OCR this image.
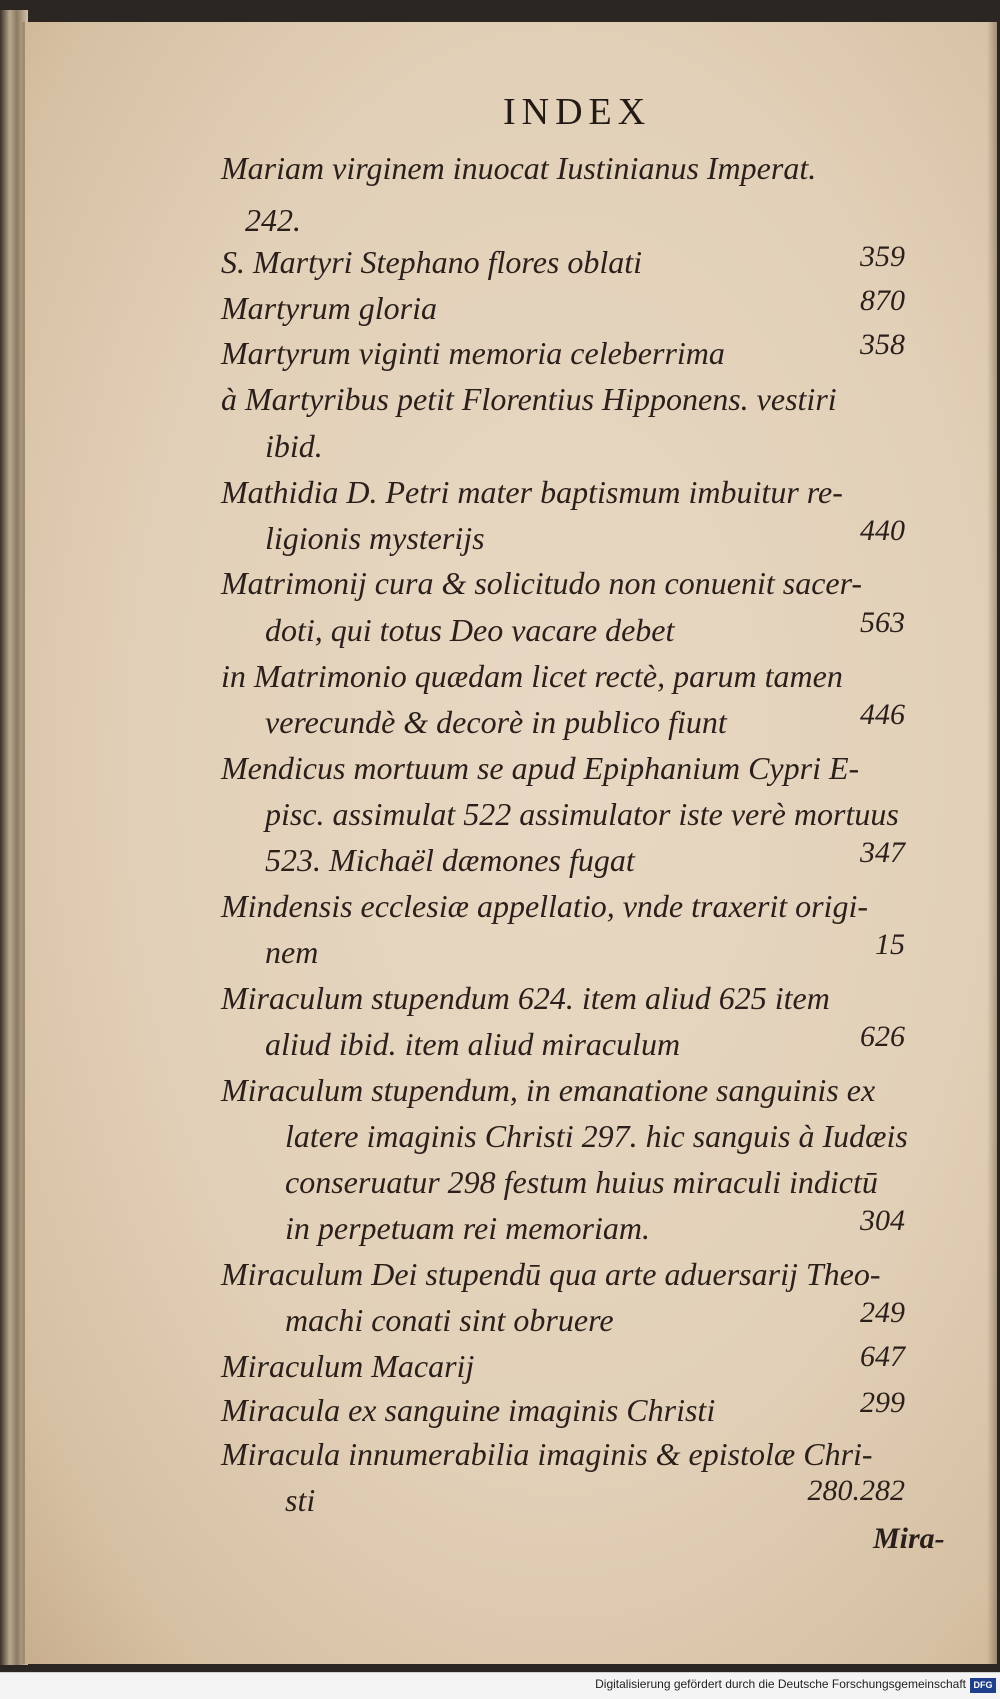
INDEX
Mariam virginem inuocat Iustinianus Imperat.
242.
S. Martyri Stephano flores oblati	359
Martyrum gloria	870
Martyrum viginti memoria celeberrima	358
à Martyribus petit Florentius Hipponens. vestiri
ibid.
Mathidia D. Petri mater baptismum imbuitur re-
ligionis mysterijs	440
Matrimonij cura & solicitudo non conuenit sacer-
doti, qui totus Deo vacare debet	563
in Matrimonio quædam licet rectè, parum tamen
verecundè & decorè in publico fiunt	446
Mendicus mortuum se apud Epiphanium Cypri E-
pisc. assimulat 522 assimulator iste verè mortuus
523. Michaël dæmones fugat	347
Mindensis ecclesiæ appellatio, vnde traxerit origi-
nem	15
Miraculum stupendum 624. item aliud 625 item
aliud ibid. item aliud miraculum	626
Miraculum stupendum, in emanatione sanguinis ex
latere imaginis Christi 297. hic sanguis à Iudæis
conseruatur 298 festum huius miraculi indictū
in perpetuam rei memoriam.	304
Miraculum Dei stupendū qua arte aduersarij Theo-
machi conati sint obruere	249
Miraculum Macarij	647
Miracula ex sanguine imaginis Christi	299
Miracula innumerabilia imaginis & epistolæ Chri-
sti	280.282
Mira-
Digitalisierung gefördert durch die Deutsche Forschungsgemeinschaft DFG
